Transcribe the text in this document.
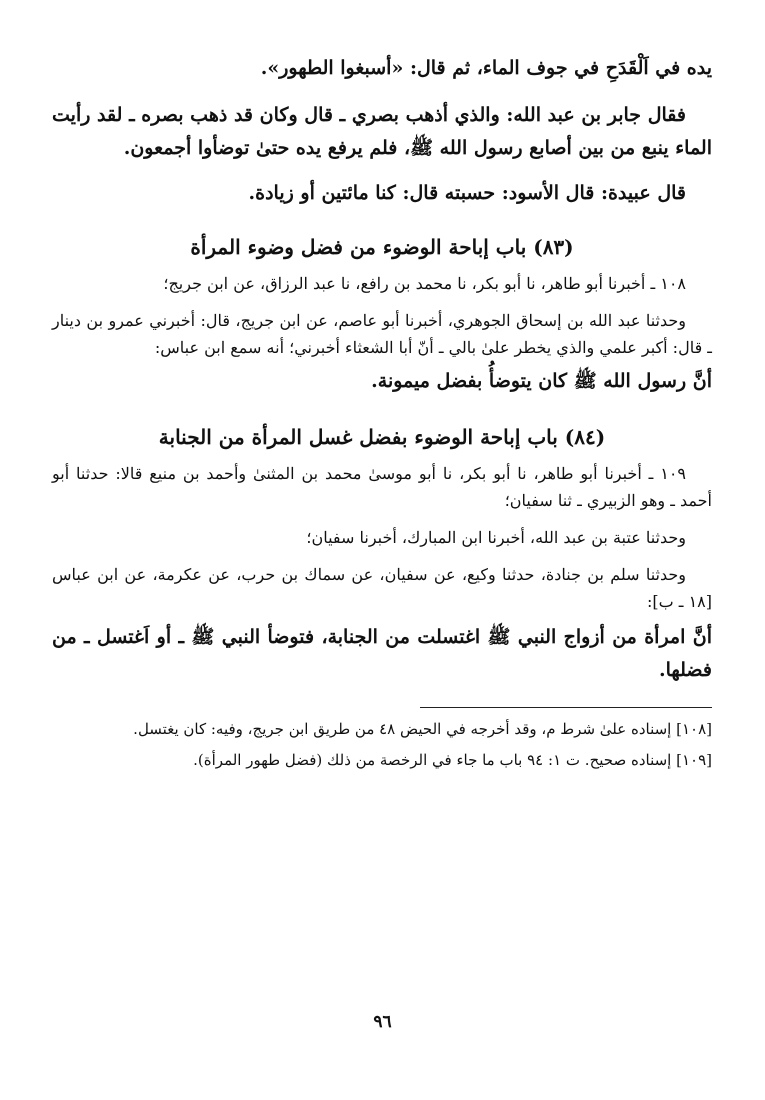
يده في اَلْقَدَحِ في جوف الماء، ثم قال: «أسبغوا الطهور».

فقال جابر بن عبد الله: والذي أذهب بصري ـ قال وكان قد ذهب بصره ـ لقد رأيت الماء ينبع من بين أصابع رسول الله ﷺ، فلم يرفع يده حتىٰ توضأوا أجمعون.

قال عبيدة: قال الأسود: حسبته قال: كنا مائتين أو زيادة.

(٨٣) باب إباحة الوضوء من فضل وضوء المرأة

١٠٨ ـ أخبرنا أبو طاهر، نا أبو بكر، نا محمد بن رافع، نا عبد الرزاق، عن ابن جريج؛

وحدثنا عبد الله بن إسحاق الجوهري، أخبرنا أبو عاصم، عن ابن جريج، قال: أخبرني عمرو بن دينار ـ قال: أكبر علمي والذي يخطر علىٰ بالي ـ أنّ أبا الشعثاء أخبرني؛ أنه سمع ابن عباس:

أنَّ رسول الله ﷺ كان يتوضأُ بفضل ميمونة.

(٨٤) باب إباحة الوضوء بفضل غسل المرأة من الجنابة

١٠٩ ـ أخبرنا أبو طاهر، نا أبو بكر، نا أبو موسىٰ محمد بن المثنىٰ وأحمد بن منيع قالا: حدثنا أبو أحمد ـ وهو الزبيري ـ ثنا سفيان؛

وحدثنا عتبة بن عبد الله، أخبرنا ابن المبارك، أخبرنا سفيان؛

وحدثنا سلم بن جنادة، حدثنا وكيع، عن سفيان، عن سماك بن حرب، عن عكرمة، عن ابن عباس [١٨ ـ ب]:

أنَّ امرأة من أزواج النبي ﷺ اغتسلت من الجنابة، فتوضأ النبي ﷺ ـ أو اَغتسل ـ من فضلها.

[١٠٨] إسناده علىٰ شرط م، وقد أخرجه في الحيض ٤٨ من طريق ابن جريج، وفيه: كان يغتسل.

[١٠٩] إسناده صحيح. ت ١: ٩٤ باب ما جاء في الرخصة من ذلك (فضل طهور المرأة).

٩٦
